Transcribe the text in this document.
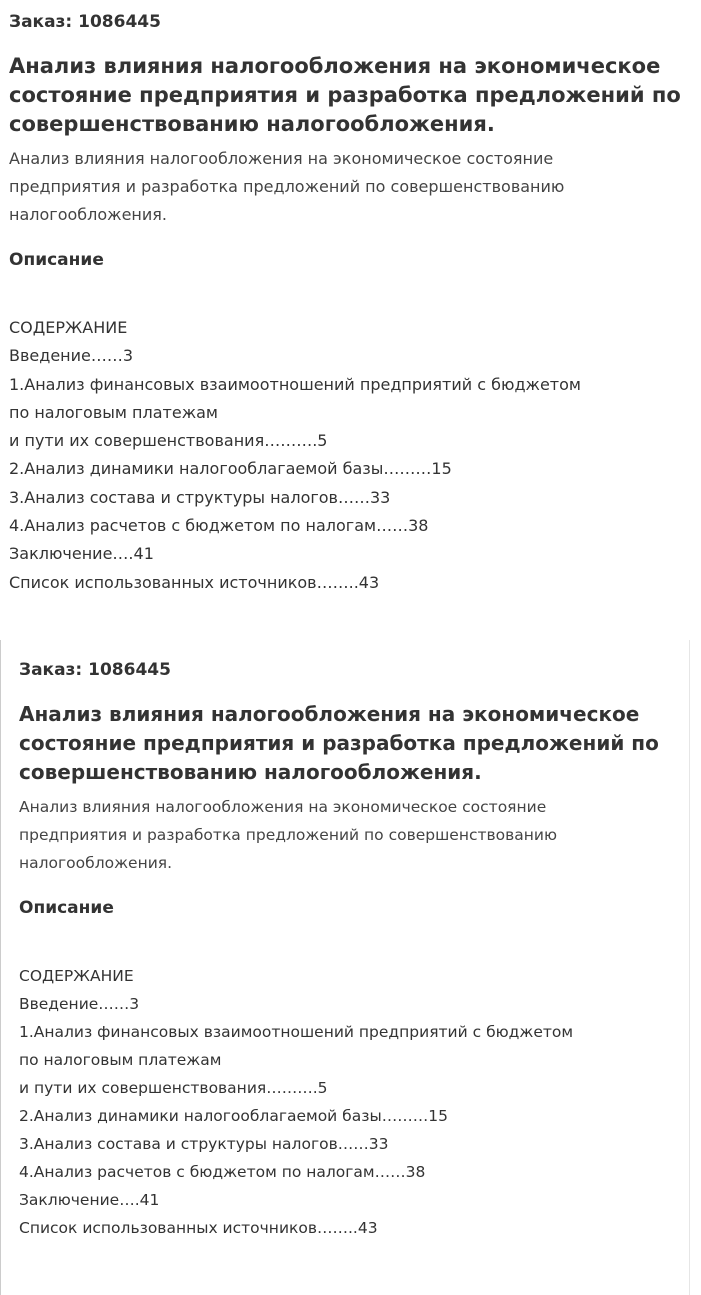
Заказ: 1086445
Анализ влияния налогообложения на экономическое
состояние предприятия и разработка предложений по
совершенствованию налогообложения.
Анализ влияния налогообложения на экономическое состояние
предприятия и разработка предложений по совершенствованию
налогообложения.
Описание
СОДЕРЖАНИЕ
Введение……3
1.Анализ финансовых взаимоотношений предприятий с бюджетом
по налоговым платежам
и пути их совершенствования……….5
2.Анализ динамики налогооблагаемой базы………15
3.Анализ состава и структуры налогов……33
4.Анализ расчетов с бюджетом по налогам……38
Заключение….41
Список использованных источников……..43
Заказ: 1086445
Анализ влияния налогообложения на экономическое
состояние предприятия и разработка предложений по
совершенствованию налогообложения.
Анализ влияния налогообложения на экономическое состояние
предприятия и разработка предложений по совершенствованию
налогообложения.
Описание
СОДЕРЖАНИЕ
Введение……3
1.Анализ финансовых взаимоотношений предприятий с бюджетом
по налоговым платежам
и пути их совершенствования……….5
2.Анализ динамики налогооблагаемой базы………15
3.Анализ состава и структуры налогов……33
4.Анализ расчетов с бюджетом по налогам……38
Заключение….41
Список использованных источников……..43
